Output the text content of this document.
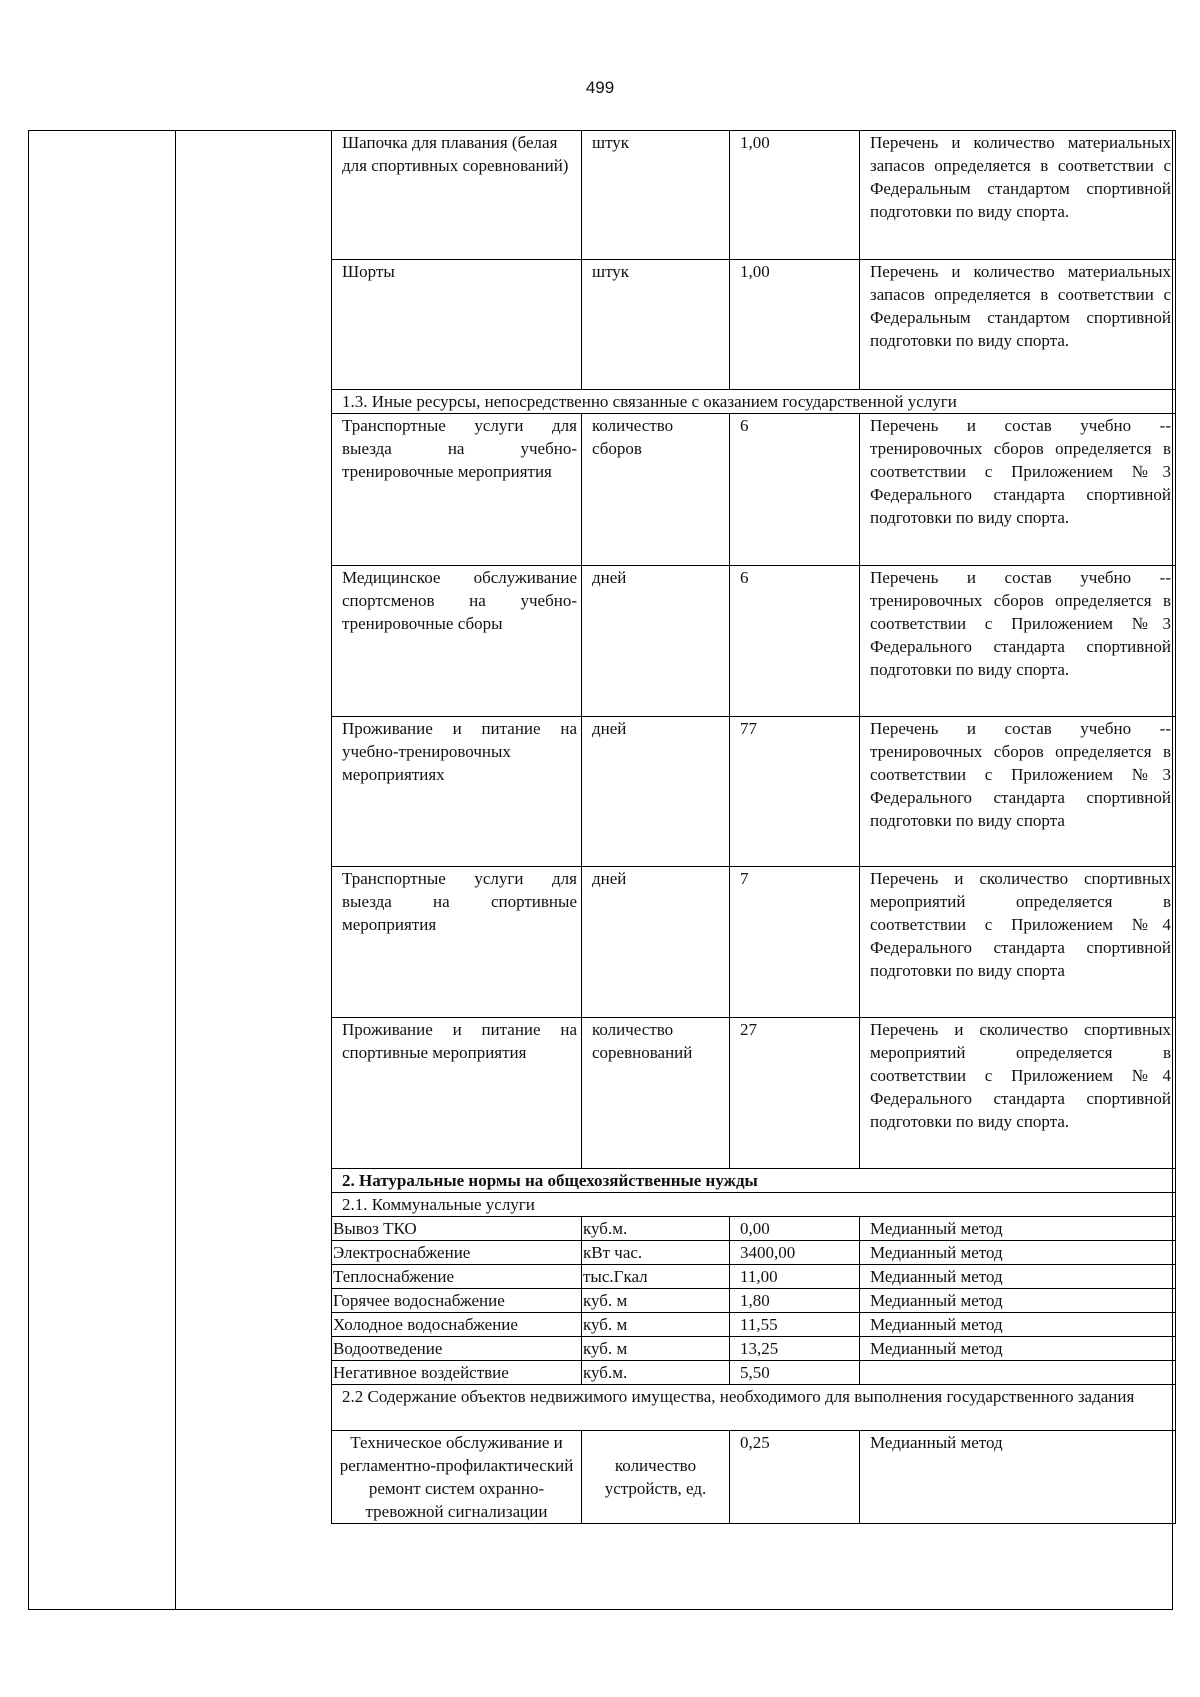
499
Шапочка для плавания (белая для спортивных соревнований)	штук	1,00	Перечень и количество материальных запасов определяется в соответствии с Федеральным стандартом спортивной подготовки по виду спорта.
Шорты	штук	1,00	Перечень и количество материальных запасов определяется в соответствии с Федеральным стандартом спортивной подготовки по виду спорта.
1.3. Иные ресурсы, непосредственно связанные с оказанием государственной услуги			
Транспортные услуги для выезда на учебно-тренировочные мероприятия	количество сборов	6	Перечень и состав учебно -- тренировочных сборов определяется в соответствии с Приложением №3 Федерального стандарта спортивной подготовки по виду спорта.
Медицинское обслуживание спортсменов на учебно-тренировочные сборы	дней	6	Перечень и состав учебно -- тренировочных сборов определяется в соответствии с Приложением №3 Федерального стандарта спортивной подготовки по виду спорта.
Проживание и питание на учебно-тренировочных мероприятиях	дней	77	Перечень и состав учебно -- тренировочных сборов определяется в соответствии с Приложением №3 Федерального стандарта спортивной подготовки по виду спорта
Транспортные услуги для выезда на спортивные мероприятия	дней	7	Перечень и сколичество спортивных мероприятий определяется в соответствии с Приложением №4 Федерального стандарта спортивной подготовки по виду спорта
Проживание и питание на спортивные мероприятия	количество соревнований	27	Перечень и сколичество спортивных мероприятий определяется в соответствии с Приложением №4 Федерального стандарта спортивной подготовки по виду спорта.
2. Натуральные нормы на общехозяйственные нужды			
2.1. Коммунальные услуги			
Вывоз ТКО	куб.м.	0,00	Медианный метод
Электроснабжение	кВт час.	3400,00	Медианный метод
Теплоснабжение	тыс.Гкал	11,00	Медианный метод
Горячее водоснабжение	куб. м	1,80	Медианный метод
Холодное водоснабжение	куб. м	11,55	Медианный метод
Водоотведение	куб. м	13,25	Медианный метод
Негативное воздействие	куб.м.	5,50	
2.2 Содержание объектов недвижимого имущества, необходимого для выполнения государственного задания			
Техническое обслуживание и регламентно-профилактический ремонт систем охранно-тревожной сигнализации	количество устройств, ед.	0,25	Медианный метод
